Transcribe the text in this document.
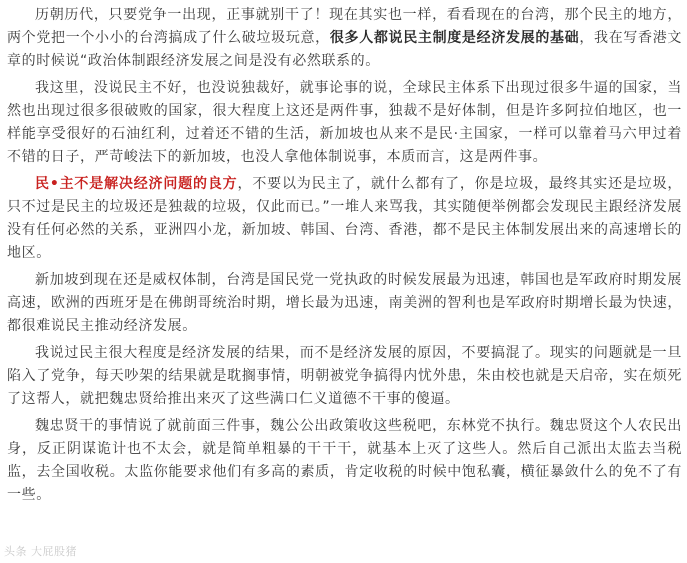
历朝历代，只要党争一出现，正事就别干了！现在其实也一样，看看现在的台湾，那个民主的地方，两个党把一个小小的台湾搞成了什么破垃圾玩意，很多人都说民主制度是经济发展的基础，我在写香港文章的时候说“政治体制跟经济发展之间是没有必然联系的。

我这里，没说民主不好，也没说独裁好，就事论事的说，全球民主体系下出现过很多牛逼的国家，当然也出现过很多很破败的国家，很大程度上这还是两件事，独裁不是好体制，但是许多阿拉伯地区，也一样能享受很好的石油红利，过着还不错的生活，新加坡也从来不是民·主国家，一样可以靠着马六甲过着不错的日子，严苛峻法下的新加坡，也没人拿他体制说事，本质而言，这是两件事。

民•主不是解决经济问题的良方，不要以为民主了，就什么都有了，你是垃圾，最终其实还是垃圾，只不过是民主的垃圾还是独裁的垃圾，仅此而已。”一堆人来骂我，其实随便举例都会发现民主跟经济发展没有任何必然的关系，亚洲四小龙，新加坡、韩国、台湾、香港，都不是民主体制发展出来的高速增长的地区。

新加坡到现在还是威权体制，台湾是国民党一党执政的时候发展最为迅速，韩国也是军政府时期发展高速，欧洲的西班牙是在佛朗哥统治时期，增长最为迅速，南美洲的智利也是军政府时期增长最为快速，都很难说民主推动经济发展。

我说过民主很大程度是经济发展的结果，而不是经济发展的原因，不要搞混了。现实的问题就是一旦陷入了党争，每天吵架的结果就是耽搁事情，明朝被党争搞得内忧外患，朱由校也就是天启帝，实在烦死了这帮人，就把魏忠贤给推出来灭了这些满口仁义道德不干事的傻逼。

魏忠贤干的事情说了就前面三件事，魏公公出政策收这些税吧，东林党不执行。魏忠贤这个人农民出身，反正阴谋诡计也不太会，就是简单粗暴的干干干，就基本上灭了这些人。然后自己派出太监去当税监，去全国收税。太监你能要求他们有多高的素质，肯定收税的时候中饱私囊，横征暴敛什么的免不了有一些。

头条 大屁股猪
